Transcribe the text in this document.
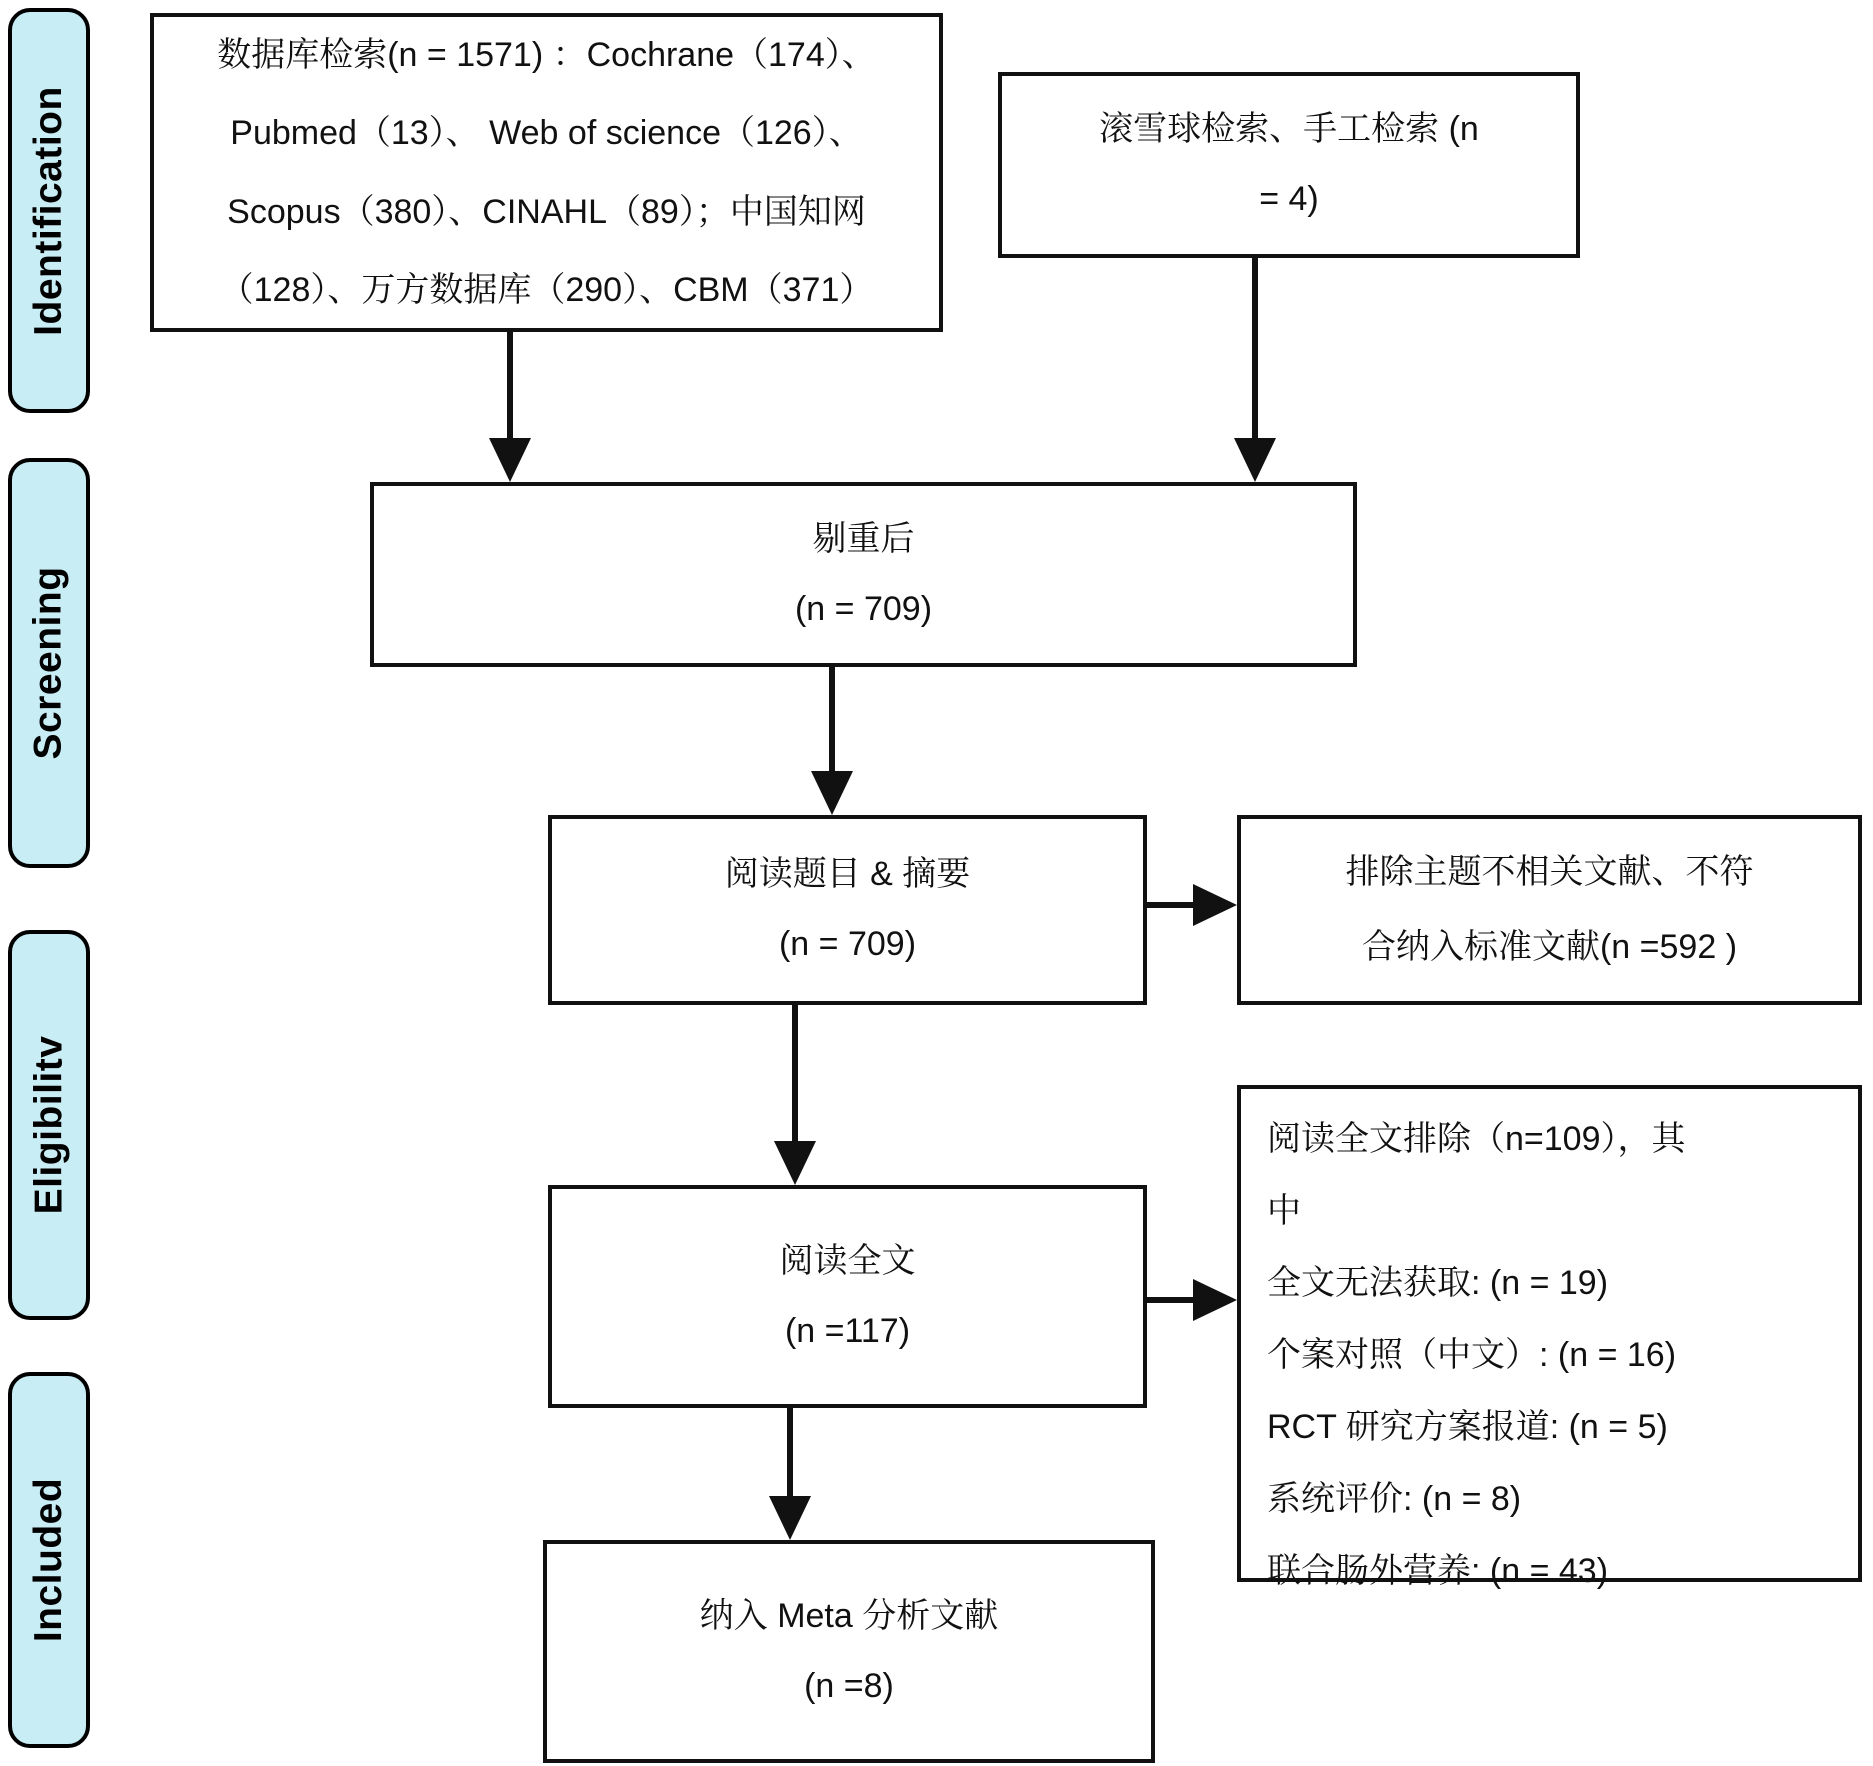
Identification
Screening
Eligibilitv
Included
数据库检索(n = 1571) ：Cochrane（174）、
Pubmed（13）、 Web of science（126）、
Scopus（380）、CINAHL（89）；中国知网
（128）、万方数据库（290）、CBM（371）
滚雪球检索、手工检索 (n
= 4)
剔重后
(n = 709)
阅读题目 & 摘要
(n = 709)
排除主题不相关文献、不符
合纳入标准文献(n =592 )
阅读全文
(n =117)
阅读全文排除（n=109），其
中
全文无法获取: (n = 19)
个案对照（中文）: (n = 16)
RCT 研究方案报道: (n = 5)
系统评价: (n = 8)
联合肠外营养: (n = 43)
纳入 Meta 分析文献
(n =8)
